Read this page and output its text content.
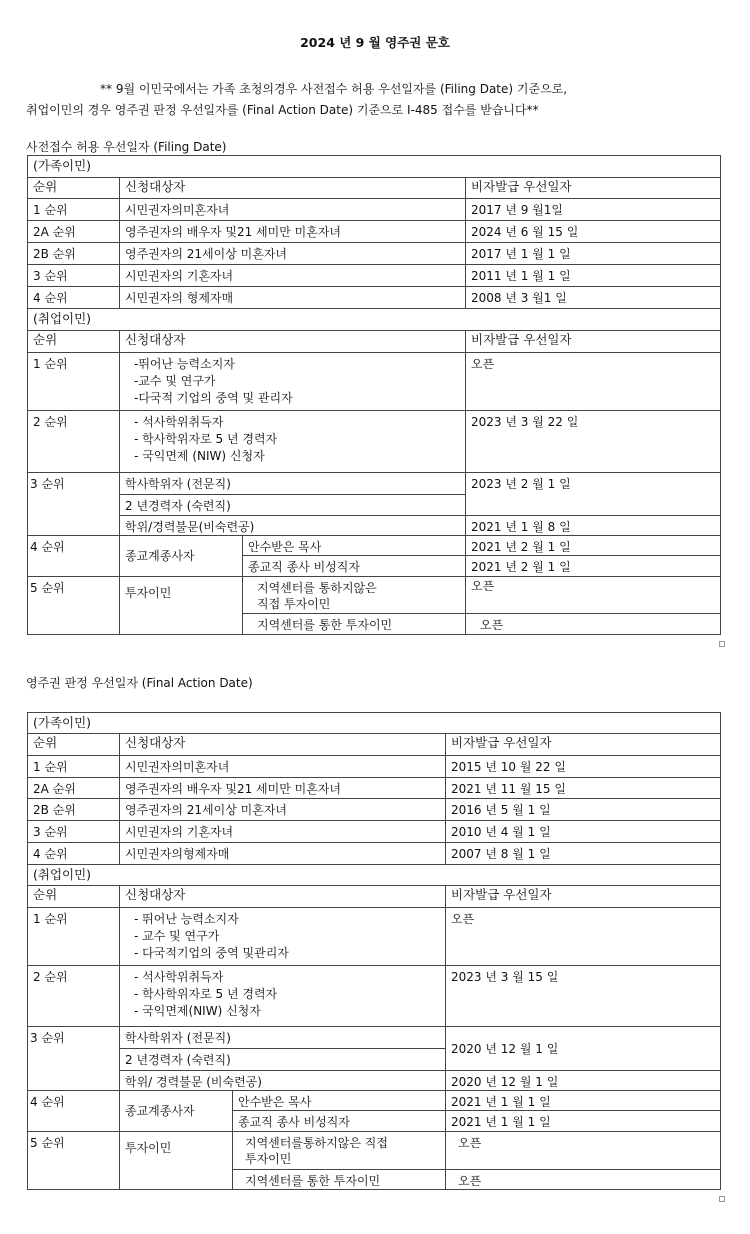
2024 년 9 월 영주권 문호
** 9월 이민국에서는 가족 초청의경우 사전접수 허용 우선일자를 (Filing Date) 기준으로,
취업이민의 경우 영주권 판정 우선일자를 (Final Action Date) 기준으로 I-485 접수를 받습니다**
사전접수 허용 우선일자 (Filing Date)
(가족이민)			
순위	신청대상자		비자발급 우선일자
1 순위	시민권자의미혼자녀		2017 년 9 월1일
2A 순위	영주권자의 배우자 및21 세미만 미혼자녀		2024 년 6 월 15 일
2B 순위	영주권자의 21세이상 미혼자녀		2017 년 1 월 1 일
3 순위	시민권자의 기혼자녀		2011 년 1 월 1 일
4 순위	시민권자의 형제자매		2008 년 3 월1 일
(취업이민)			
순위	신청대상자		비자발급 우선일자
1 순위	-뛰어난 능력소지자
-교수 및 연구가
-다국적 기업의 중역 및 관리자		오픈
2 순위	- 석사학위취득자
- 학사학위자로 5 년 경력자
- 국익면제 (NIW) 신청자		2023 년 3 월 22 일
3 순위	학사학위자 (전문직)		2023 년 2 월 1 일
	2 년경력자 (숙련직)		
	학위/경력불문(비숙련공)		2021 년 1 월 8 일
4 순위	종교계종사자	안수받은 목사	2021 년 2 월 1 일
		종교직 종사 비성직자	2021 년 2 월 1 일
5 순위	투자이민	지역센터를 통하지않은
직접 투자이민	오픈
		지역센터를 통한 투자이민	오픈
영주권 판정 우선일자 (Final Action Date)
(가족이민)			
순위	신청대상자		비자발급 우선일자
1 순위	시민권자의미혼자녀		2015 년 10 월 22 일
2A 순위	영주권자의 배우자 및21 세미만 미혼자녀		2021 년 11 월 15 일
2B 순위	영주권자의 21세이상 미혼자녀		2016 년 5 월 1 일
3 순위	시민권자의 기혼자녀		2010 년 4 월 1 일
4 순위	시민권자의형제자매		2007 년 8 월 1 일
(취업이민)			
순위	신청대상자		비자발급 우선일자
1 순위	- 뛰어난 능력소지자
- 교수 및 연구가
- 다국적기업의 중역 및관리자		오픈
2 순위	- 석사학위취득자
- 학사학위자로 5 년 경력자
- 국익면제(NIW) 신청자		2023 년 3 월 15 일
3 순위	학사학위자 (전문직)		2020 년 12 월 1 일
	2 년경력자 (숙련직)		
	학위/ 경력불문 (비숙련공)		2020 년 12 월 1 일
4 순위	종교계종사자	안수받은 목사	2021 년 1 월 1 일
		종교직 종사 비성직자	2021 년 1 월 1 일
5 순위	투자이민	지역센터를통하지않은 직접
투자이민	오픈
		지역센터를 통한 투자이민	오픈
